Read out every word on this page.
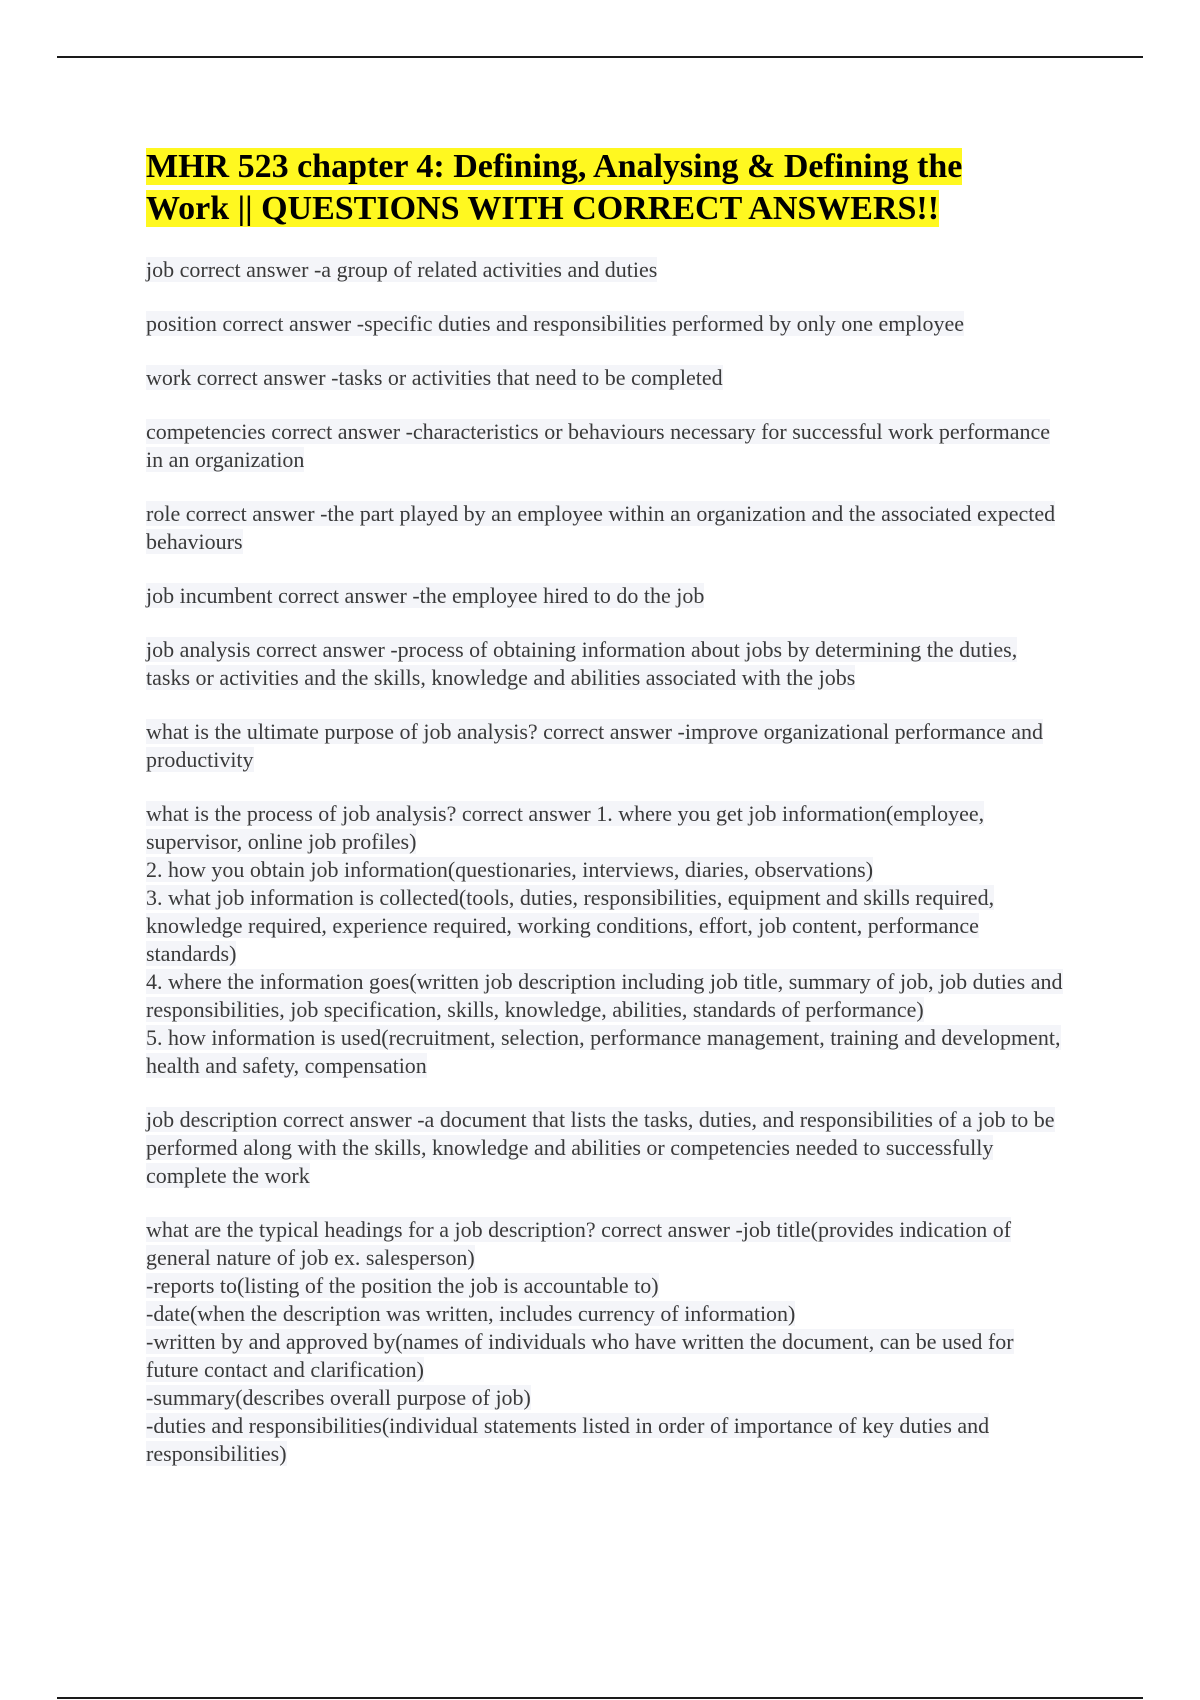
MHR 523 chapter 4: Defining, Analysing & Defining the Work || QUESTIONS WITH CORRECT ANSWERS!!

job correct answer -a group of related activities and duties

position correct answer -specific duties and responsibilities performed by only one employee

work correct answer -tasks or activities that need to be completed

competencies correct answer -characteristics or behaviours necessary for successful work performance in an organization

role correct answer -the part played by an employee within an organization and the associated expected behaviours

job incumbent correct answer -the employee hired to do the job

job analysis correct answer -process of obtaining information about jobs by determining the duties, tasks or activities and the skills, knowledge and abilities associated with the jobs

what is the ultimate purpose of job analysis? correct answer -improve organizational performance and productivity

what is the process of job analysis? correct answer 1. where you get job information(employee, supervisor, online job profiles)
2. how you obtain job information(questionaries, interviews, diaries, observations)
3. what job information is collected(tools, duties, responsibilities, equipment and skills required, knowledge required, experience required, working conditions, effort, job content, performance standards)
4. where the information goes(written job description including job title, summary of job, job duties and responsibilities, job specification, skills, knowledge, abilities, standards of performance)
5. how information is used(recruitment, selection, performance management, training and development, health and safety, compensation

job description correct answer -a document that lists the tasks, duties, and responsibilities of a job to be performed along with the skills, knowledge and abilities or competencies needed to successfully complete the work

what are the typical headings for a job description? correct answer -job title(provides indication of general nature of job ex. salesperson)
-reports to(listing of the position the job is accountable to)
-date(when the description was written, includes currency of information)
-written by and approved by(names of individuals who have written the document, can be used for future contact and clarification)
-summary(describes overall purpose of job)
-duties and responsibilities(individual statements listed in order of importance of key duties and responsibilities)
